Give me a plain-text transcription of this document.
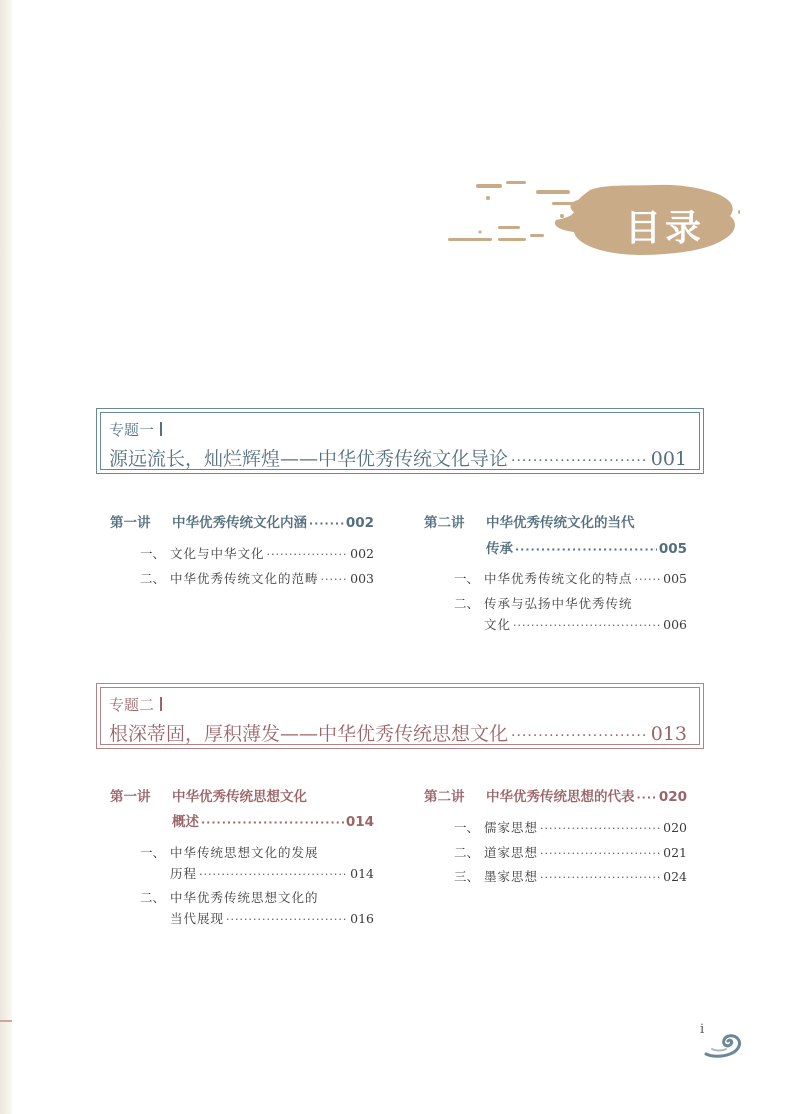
目录
专题一
源远流长，灿烂辉煌——中华优秀传统文化导论 ·····	001
第一讲	中华优秀传统文化内涵 ·····	002
一、 文化与中华文化 ·····	002
二、 中华优秀传统文化的范畴 ·····	003
第二讲 中华优秀传统文化的当代
传承 ·····	005
一、 中华优秀传统文化的特点 ····· 005
二、 传承与弘扬中华优秀传统
文化 ·····	006
专题二
根深蒂固，厚积薄发——中华优秀传统思想文化 ·····	013
第一讲 中华优秀传统思想文化
概述 ·····	014
一、 中华传统思想文化的发展
历程 ·····	014
二、 中华优秀传统思想文化的
当代展现 ·····	016
第二讲	中华优秀传统思想的代表 ····· 020
一、 儒家思想 ·····	020
二、 道家思想 ·····	021
三、 墨家思想 ·····	024
i
